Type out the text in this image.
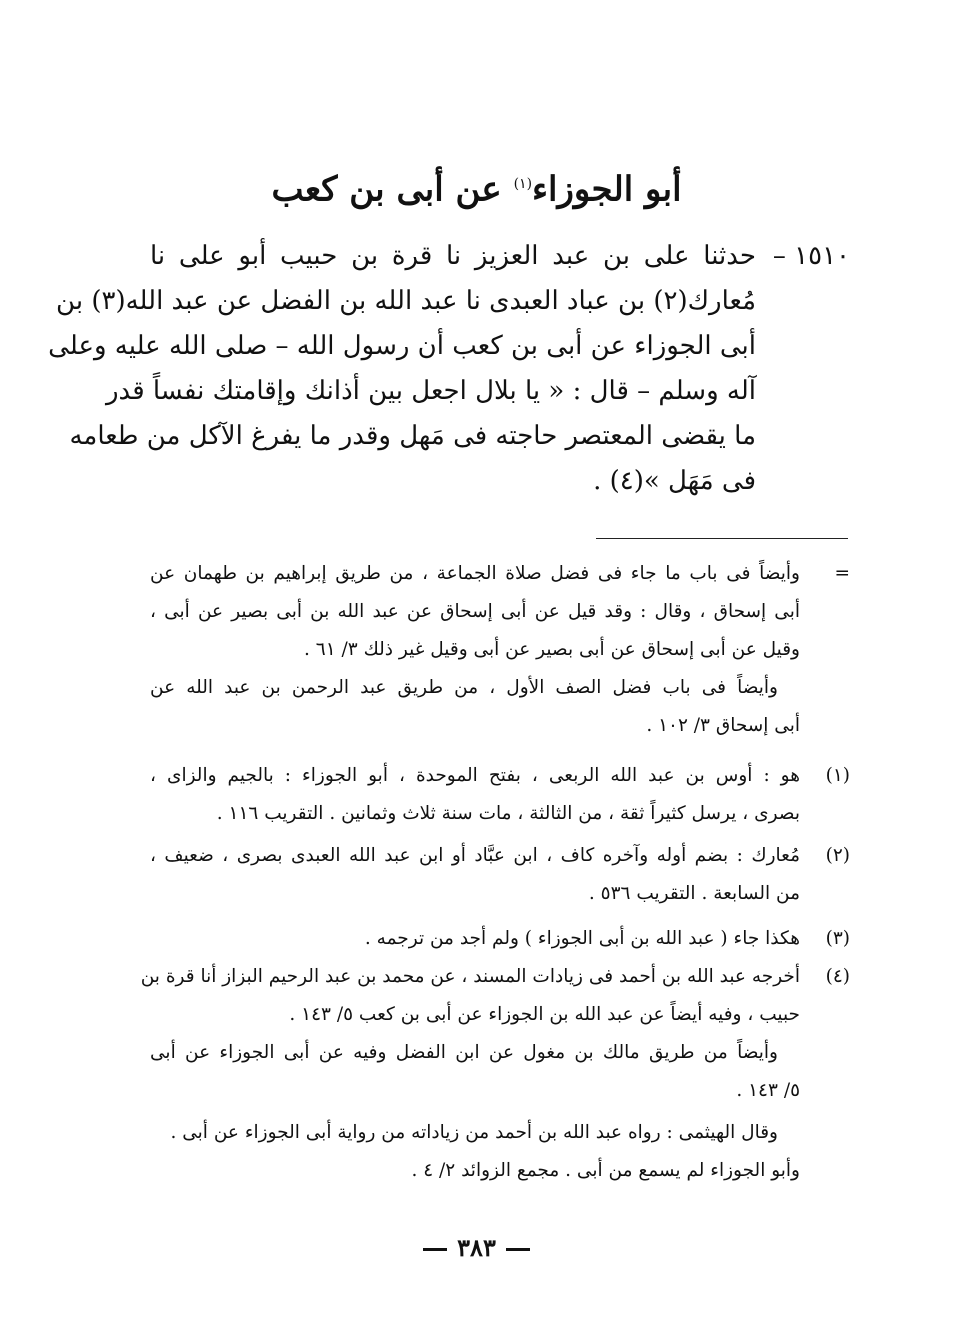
أبو الجوزاء$^{(١)}$ عن أبى بن كعب
١٥١٠ –
حدثنا على بن عبد العزيز نا قرة بن حبيب أبو على نا
مُعارك(٢) بن عباد العبدى نا عبد الله بن الفضل عن عبد الله(٣) بن
أبى الجوزاء عن أبى بن كعب أن رسول الله – صلى الله عليه وعلى
آله وسلم – قال : « يا بلال اجعل بين أذانك وإقامتك نفساً قدر
ما يقضى المعتصر حاجته فى مَهل وقدر ما يفرغ الآكل من طعامه
فى مَهَل »(٤) .
=
وأيضاً فى باب ما جاء فى فضل صلاة الجماعة ، من طريق إبراهيم بن طهمان عن
أبى إسحاق ، وقال : وقد قيل عن أبى إسحاق عن عبد الله بن أبى بصير عن أبى ،
وقيل عن أبى إسحاق عن أبى بصير عن أبى وقيل غير ذلك ٣/ ٦١ .
وأيضاً فى باب فضل الصف الأول ، من طريق عبد الرحمن بن عبد الله عن
أبى إسحاق ٣/ ١٠٢ .
(١)
هو : أوس بن عبد الله الربعى ، بفتح الموحدة ، أبو الجوزاء : بالجيم والزاى ،
بصرى ، يرسل كثيراً ثقة ، من الثالثة ، مات سنة ثلاث وثمانين . التقريب ١١٦ .
(٢)
مُعارك : بضم أوله وآخره كاف ، ابن عبَّاد أو ابن عبد الله العبدى بصرى ، ضعيف ،
من السابعة . التقريب ٥٣٦ .
(٣)
هكذا جاء ( عبد الله بن أبى الجوزاء ) ولم أجد من ترجمه .
(٤)
أخرجه عبد الله بن أحمد فى زيادات المسند ، عن محمد بن عبد الرحيم البزاز أنا قرة بن
حبيب ، وفيه أيضاً عن عبد الله بن الجوزاء عن أبى بن كعب ٥/ ١٤٣ .
وأيضاً من طريق مالك بن مغول عن ابن الفضل وفيه عن أبى الجوزاء عن أبى
٥/ ١٤٣ .
وقال الهيثمى : رواه عبد الله بن أحمد من زياداته من رواية أبى الجوزاء عن أبى .
وأبو الجوزاء لم يسمع من أبى . مجمع الزوائد ٢/ ٤ .
٣٨٣
